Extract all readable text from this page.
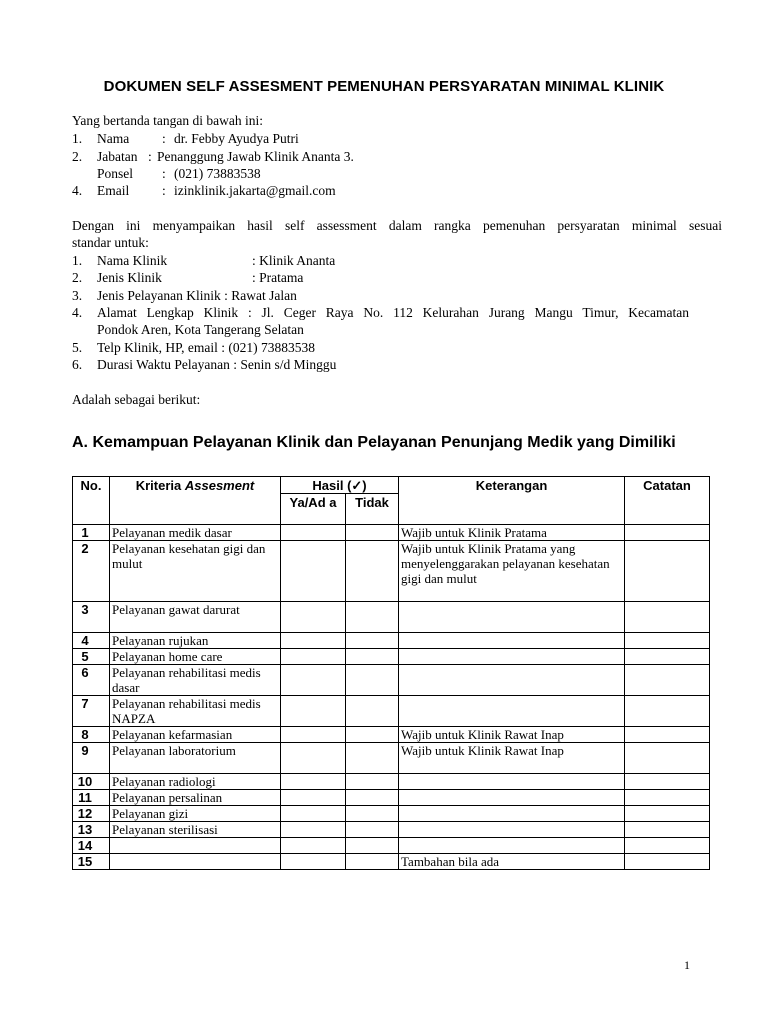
DOKUMEN SELF ASSESMENT PEMENUHAN PERSYARATAN MINIMAL KLINIK
Yang bertanda tangan di bawah ini:
1. Nama : dr. Febby Ayudya Putri
2. Jabatan : Penanggung Jawab Klinik Ananta 3.
Ponsel : (021) 73883538
4. Email : izinklinik.jakarta@gmail.com
Dengan ini menyampaikan hasil self assessment dalam rangka pemenuhan persyaratan minimal sesuai
standar untuk:
1. Nama Klinik	: Klinik Ananta
2. Jenis Klinik	: Pratama
3. Jenis Pelayanan Klinik : Rawat Jalan
4. Alamat Lengkap Klinik : Jl. Ceger Raya No. 112 Kelurahan Jurang Mangu Timur, Kecamatan
Pondok Aren, Kota Tangerang Selatan
5. Telp Klinik, HP, email : (021) 73883538
6. Durasi Waktu Pelayanan : Senin s/d Minggu
Adalah sebagai berikut:
A. Kemampuan Pelayanan Klinik dan Pelayanan Penunjang Medik yang Dimiliki
No.	Kriteria Assesment	Hasil (✓)		Keterangan	Catatan
		Ya/Ad a	Tidak		
1	Pelayanan medik dasar			Wajib untuk Klinik Pratama	
2	Pelayanan kesehatan gigi dan mulut			Wajib untuk Klinik Pratama yang menyelenggarakan pelayanan kesehatan gigi dan mulut	
3	Pelayanan gawat darurat				
4	Pelayanan rujukan				
5	Pelayanan home care				
6	Pelayanan rehabilitasi medis dasar				
7	Pelayanan rehabilitasi medis NAPZA				
8	Pelayanan kefarmasian			Wajib untuk Klinik Rawat Inap	
9	Pelayanan laboratorium			Wajib untuk Klinik Rawat Inap	
10	Pelayanan radiologi				
11	Pelayanan persalinan				
12	Pelayanan gizi				
13	Pelayanan sterilisasi				
14					
15				Tambahan bila ada	
1
